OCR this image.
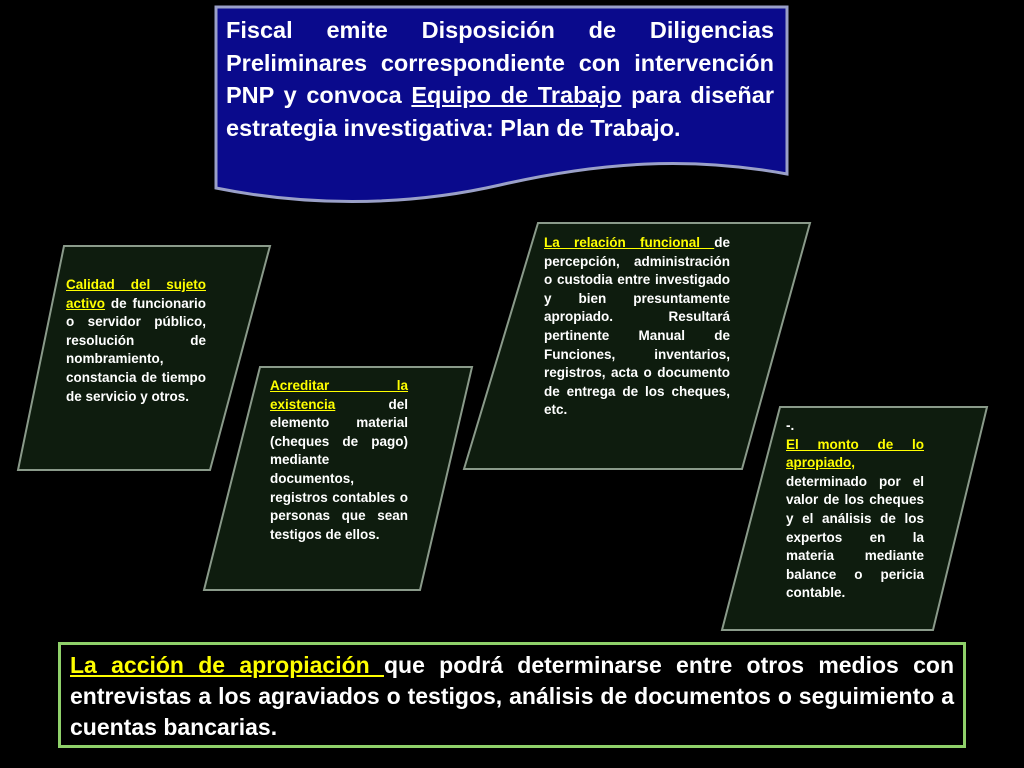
Fiscal emite Disposición de Diligencias Preliminares correspondiente con intervención PNP y convoca Equipo de Trabajo para diseñar estrategia investigativa: Plan de Trabajo.
Calidad del sujeto activo de funcionario o servidor público, resolución de nombramiento, constancia de tiempo de servicio y otros.
Acreditar la existencia	del elemento material (cheques de pago) mediante documentos, registros contables o personas que sean testigos de ellos.
La relación funcional de percepción, administración o custodia entre investigado y bien presuntamente apropiado. Resultará pertinente Manual de Funciones, inventarios, registros, acta o documento de entrega de los cheques, etc.
-.
El monto de lo apropiado, determinado por el valor de los cheques y el análisis de los expertos en la materia mediante balance o pericia contable.
La acción de apropiación que podrá determinarse entre otros medios con entrevistas a los agraviados o testigos, análisis de documentos o seguimiento a cuentas bancarias.
